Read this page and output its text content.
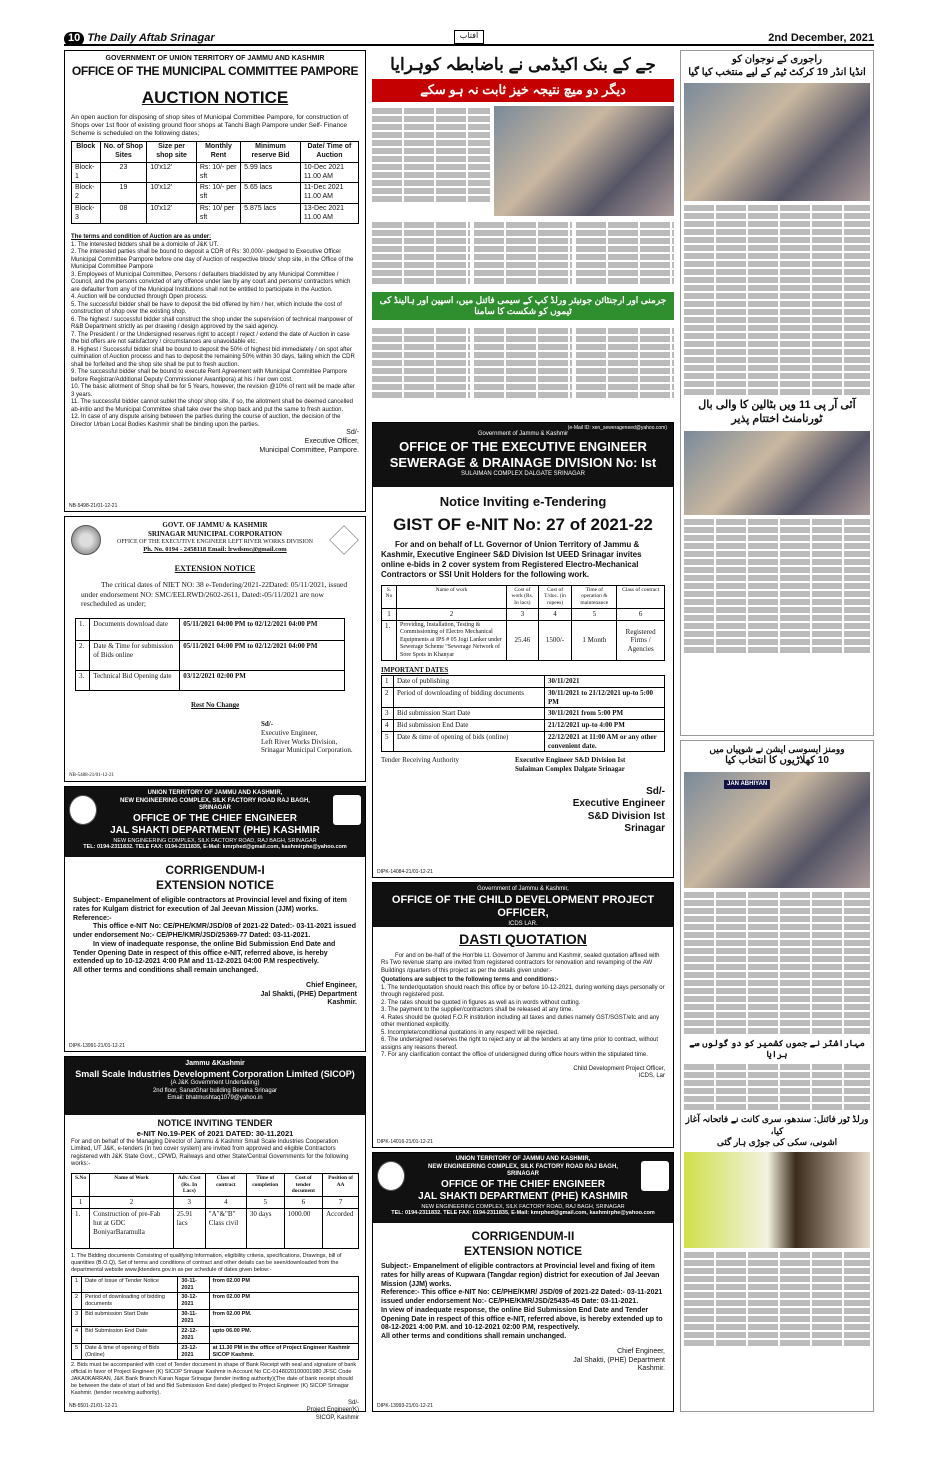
10 The Daily Aftab Srinagar	آفتاب	2nd December, 2021
GOVERNMENT OF UNION TERRITORY OF JAMMU AND KASHMIR
OFFICE OF THE MUNICIPAL COMMITTEE PAMPORE
AUCTION NOTICE
An open auction for disposing of shop sites of Municipal Committee Pampore, for construction of Shops over 1st floor of existing ground floor shops at Tanchi Bagh Pampore under Self- Finance Scheme is scheduled on the following dates;
Block	No. of Shop Sites	Size per shop site	Monthly Rent	Minimum reserve Bid	Date/ Time of Auction
Block-1	23	10'x12'	Rs: 10/- per sft	5.99 lacs	10-Dec 2021 11.00 AM
Block-2	19	10'x12'	Rs: 10/- per sft	5.65 lacs	11-Dec 2021 11.00 AM
Block-3	08	10'x12'	Rs: 10/ per sft	5.875 lacs	13-Dec 2021 11.00 AM
The terms and condition of Auction are as under:
1. The interested bidders shall be a domicile of J&K UT.
2. The interested parties shall be bound to deposit a CDR of Rs: 30,000/- pledged to Executive Officer Municipal Committee Pampore before one day of Auction of respective block/ shop site, in the Office of the Municipal Committee Pampore
3. Employees of Municipal Committee, Persons / defaulters blacklisted by any Municipal Committee / Council, and the persons convicted of any offence under law by any court and persons/ contractors which are defaulter from any of the Municipal Institutions shall not be entitled to participate in the Auction.
4. Auction will be conducted through Open process.
5. The successful bidder shall be have to deposit the bid offered by him / her, which include the cost of construction of shop over the existing shop.
6. The highest / successful bidder shall construct the shop under the supervision of technical manpower of R&B Department strictly as per drawing / design approved by the said agency.
7. The President / or the Undersigned reserves right to accept / reject / extend the date of Auction in case the bid offers are not satisfactory / circumstances are unavoidable etc.
8. Highest / Successful bidder shall be bound to deposit the 50% of highest bid immediately / on spot after culmination of Auction process and has to deposit the remaining 50% within 30 days, failing which the CDR shall be forfeited and the shop site shall be put to fresh auction.
9. The successful bidder shall be bound to execute Rent Agreement with Municipal Committee Pampore before Registrar/Additional Deputy Commissioner Awantipora) at his / her own cost.
10. The basic allotment of Shop shall be for 5 Years, however, the revision @10% of rent will be made after 3 years.
11. The successful bidder cannot sublet the shop/ shop site, if so, the allotment shall be deemed cancelled ab-initio and the Municipal Committee shall take over the shop back and put the same to fresh auction.
12. In case of any dispute arising between the parties during the course of auction, the decision of the Director Urban Local Bodies Kashmir shall be binding upon the parties.
Sd/-
Executive Officer,
Municipal Committee, Pampore.
NB-5498-21/01-12-21
GOVT. OF JAMMU & KASHMIR
SRINAGAR MUNICIPAL CORPORATION
OFFICE OF THE EXECUTIVE ENGINEER LEFT RIVER WORKS DIVISION
Ph. No. 0194 - 2458118 Email: lrwdsmc@gmail.com
EXTENSION NOTICE
The critical dates of NIET NO: 38 e-Tendering/2021-22Dated: 05/11/2021, issued under endorsement NO: SMC/EELRWD/2602-2611, Dated:-05/11/2021 are now rescheduled as under;
1.	Documents download date	05/11/2021 04:00 PM to 02/12/2021 04:00 PM
2.	Date & Time for submission of Bids online	05/11/2021 04:00 PM to 02/12/2021 04:00 PM
3.	Technical Bid Opening date	03/12/2021 02:00 PM
Rest No Change
Sd/-
Executive Engineer,
Left River Works Division,
Srinagar Municipal Corporation.
NB-5488-21/01-12-21
UNION TERRITORY OF JAMMU AND KASHMIR,
NEW ENGINEERING COMPLEX, SILK FACTORY ROAD RAJ BAGH, SRINAGAR
OFFICE OF THE CHIEF ENGINEER
JAL SHAKTI DEPARTMENT (PHE) KASHMIR
NEW ENGINEERING COMPLEX, SILK FACTORY ROAD, RAJ BAGH, SRINAGAR
TEL: 0194-2311832. TELE FAX: 0194-2311835, E-Mail: kmrphed@gmail.com, kashmirphe@yahoo.com
CORRIGENDUM-I
EXTENSION NOTICE
Subject:- Empanelment of eligible contractors at Provincial level and fixing of item rates for Kulgam district for execution of Jal Jeevan Mission (JJM) works.
Reference:-
This office e-NIT No: CE/PHE/KMR/JSD/08 of 2021-22 Dated:- 03-11-2021 issued under endorsement No:- CE/PHE/KMR/JSD/25369-77 Dated: 03-11-2021.
In view of inadequate response, the online Bid Submission End Date and Tender Opening Date in respect of this office e-NIT, referred above, is hereby extended up to 10-12-2021 4:00 P.M and 11-12-2021 04:00 P.M respectively.
All other terms and conditions shall remain unchanged.
Chief Engineer,
Jal Shakti, (PHE) Department
Kashmir.
DIPK-13991-21/01-12-21
Jammu &Kashmir
Small Scale Industries Development Corporation Limited (SICOP)
(A J&K Government Undertaking)
2nd floor, SanatGhar building Bemina Srinagar
Email: bhatmushtaq1079@yahoo.in
NOTICE INVITING TENDER
e-NIT No.19-PEK of 2021 DATED: 30-11.2021
For and on behalf of the Managing Director of Jammu & Kashmir Small Scale Industries Cooperation Limited, UT J&K, e-tenders (in two cover system) are invited from approved and eligible Contractors registered with J&K State Govt., CPWD, Railways and other State/Central Governments for the following works:-
S.No	Name of Work	Adv. Cost (Rs. In Lacs)	Class of contract	Time of completion	Cost of tender document	Position of AA
1	2	3	4	5	6	7
1.	Construction of pre-Fab hut at GDC BoniyarBaramulla	25.91 lacs	"A"&"B" Class civil	30 days	1000.00	Accorded
1. The Bidding documents Consisting of qualifying information, eligibility criteria, specifications, Drawings, bill of quantities (B.O.Q), Set of terms and conditions of contract and other details can be seen/downloaded from the departmental website www.jktenders.gov.in as per schedule of dates given below:-
1	Date of Issue of Tender Notice	30-11-2021	from 02.00 PM
2	Period of downloading of bidding documents	30-12-2021	from 02.00 PM
3	Bid submission Start Date	30-11-2021	from 02.00 PM.
4	Bid Submission End Date	22-12-2021	upto 06.00 PM.
5	Date & time of opening of Bids (Online)	23-12-2021	at 11.30 PM in the office of Project Engineer Kashmir SICOP Kashmir.
2. Bids must be accompanied with cost of Tender document in shape of Bank Receipt with seal and signature of bank official in favor of Project Engineer (K) SICOP Srinagar Kashmir in Account No CC-0148020100001980 JFSC Code JAKA0KARRAN, J&K Bank Branch Karan Nagar Srinagar (tender inviting authority)(The date of bank receipt should be between the date of start of bid and Bid Submission End date) pledged to Project Engineer (K) SICOP Srinagar Kashmir. (tender receiving authority).
Sd/-
Project Engineer(K)
SICOP, Kashmir
NB-5501-21/01-12-21
جے کے بنک اکیڈمی نے باضابطہ کوہرایا
دیگر دو میچ نتیجہ خیز ثابت نہ ہو سکے
جرمنی اور ارجنٹائن جونیئر ورلڈ کپ کے سیمی فائنل میں، اسپین اور ہالینڈ کی ٹیموں کو شکست کا سامنا
(e-Mail ID: xen_sewerageneed@yahoo.com)
Government of Jammu & Kashmir
OFFICE OF THE EXECUTIVE ENGINEER
SEWERAGE & DRAINAGE DIVISION No: Ist
SULAIMAN COMPLEX DALGATE SRINAGAR
Notice Inviting e-Tendering
GIST OF e-NIT No: 27 of 2021-22
For and on behalf of Lt. Governor of Union Territory of Jammu & Kashmir, Executive Engineer S&D Division Ist UEED Srinagar invites online e-bids in 2 cover system from Registered Electro-Mechanical Contractors or SSI Unit Holders for the following work.
S. No	Name of work	Cost of work (Rs. In lacs)	Cost of T/doc. (in rupees)	Time of operation & maintenance	Class of contract
1	2	3	4	5	6
1.	Providing, Installation, Testing & Commissioning of Electro Mechanical Equipments at IPS # 05 Jogi Lanker under Sewerage Scheme "Sewerage Network of Sore Spots in Khanyar	25.46	1500/-	1 Month	Registered Firms / Agencies
IMPORTANT DATES
1	Date of publishing	30/11/2021
2	Period of downloading of bidding documents	30/11/2021 to 21/12/2021 up-to 5:00 PM
3	Bid submission Start Date	30/11/2021 from 5:00 PM
4	Bid submission End Date	21/12/2021 up-to 4:00 PM
5	Date & time of opening of bids (online)	22/12/2021 at 11:00 AM or any other convenient date.
Tender Receiving Authority	Executive Engineer S&D Division Ist
Sulaiman Complex Dalgate Srinagar
Sd/-
Executive Engineer
S&D Division Ist
Srinagar
DIPK-14084-21/01-12-21
Government of Jammu & Kashmir,
OFFICE OF THE CHILD DEVELOPMENT PROJECT OFFICER,
ICDS LAR.
DASTI QUOTATION
For and on be-half of the Hon'ble Lt. Governor of Jammu and Kashmir, sealed quotation affixed with Rs Two revenue stamp are invited from registered contractors for renovation and revamping of the AW Buildings /quarters of this project as per the details given under:-
Quotations are subject to the following terms and conditions:-
1. The tender/quotation should reach this office by or before 10-12-2021, during working days personally or through registered post.
2. The rates should be quoted in figures as well as in words without cutting.
3. The payment to the supplier/contractors shall be released at any time.
4. Rates should be quoted F.O.R institution including all taxes and duties namely GST/SGST/etc and any other mentioned explicitly.
5. Incomplete/conditional quotations in any respect will be rejected.
6. The undersigned reserves the right to reject any or all the tenders at any time prior to contract, without assigns any reasons thereof.
7. For any clarification contact the office of undersigned during office hours within the stipulated time.
Child Development Project Officer,
ICDS, Lar
DIPK-14016-21/01-12-21
UNION TERRITORY OF JAMMU AND KASHMIR,
NEW ENGINEERING COMPLEX, SILK FACTORY ROAD RAJ BAGH, SRINAGAR
OFFICE OF THE CHIEF ENGINEER
JAL SHAKTI DEPARTMENT (PHE) KASHMIR
NEW ENGINEERING COMPLEX, SILK FACTORY ROAD, RAJ BAGH, SRINAGAR
TEL: 0194-2311832. TELE FAX: 0194-2311835, E-Mail: kmrphed@gmail.com, kashmirphe@yahoo.com
CORRIGENDUM-II
EXTENSION NOTICE
Subject:- Empanelment of eligible contractors at Provincial level and fixing of item rates for hilly areas of Kupwara (Tangdar region) district for execution of Jal Jeevan Mission (JJM) works.
Reference:- This office e-NIT No: CE/PHE/KMR/ JSD/09 of 2021-22 Dated:- 03-11-2021 issued under endorsement No:- CE/PHE/KMR/JSD/25435-45 Date: 03-11-2021.
In view of inadequate response, the online Bid Submission End Date and Tender Opening Date in respect of this office e-NIT, referred above, is hereby extended up to 08-12-2021 4:00 P.M. and 10-12-2021 02:00 P.M, respectively.
All other terms and conditions shall remain unchanged.
Chief Engineer,
Jal Shakti, (PHE) Department
Kashmir.
DIPK-13993-21/01-12-21
راجوری کے نوجوان کو
انڈیا انڈر 19 کرکٹ ٹیم کے لیے منتخب کیا گیا
آئی آر پی 11 ویں بٹالین کا والی بال ٹورنامنٹ اختتام پذیر
وومنز ایسوسی ایشن نے شوپیاں میں
10 کھلاڑیوں کا انتخاب کیا
JAN ABHIYAN
مہاراشٹر نے جموں کشمیر کو دو گولوں سے ہرایا
ورلڈ ٹور فائنل: سندھو، سری کانت نے فاتحانہ آغاز کیا،
اشونی، سکی کی جوڑی ہار گئی
